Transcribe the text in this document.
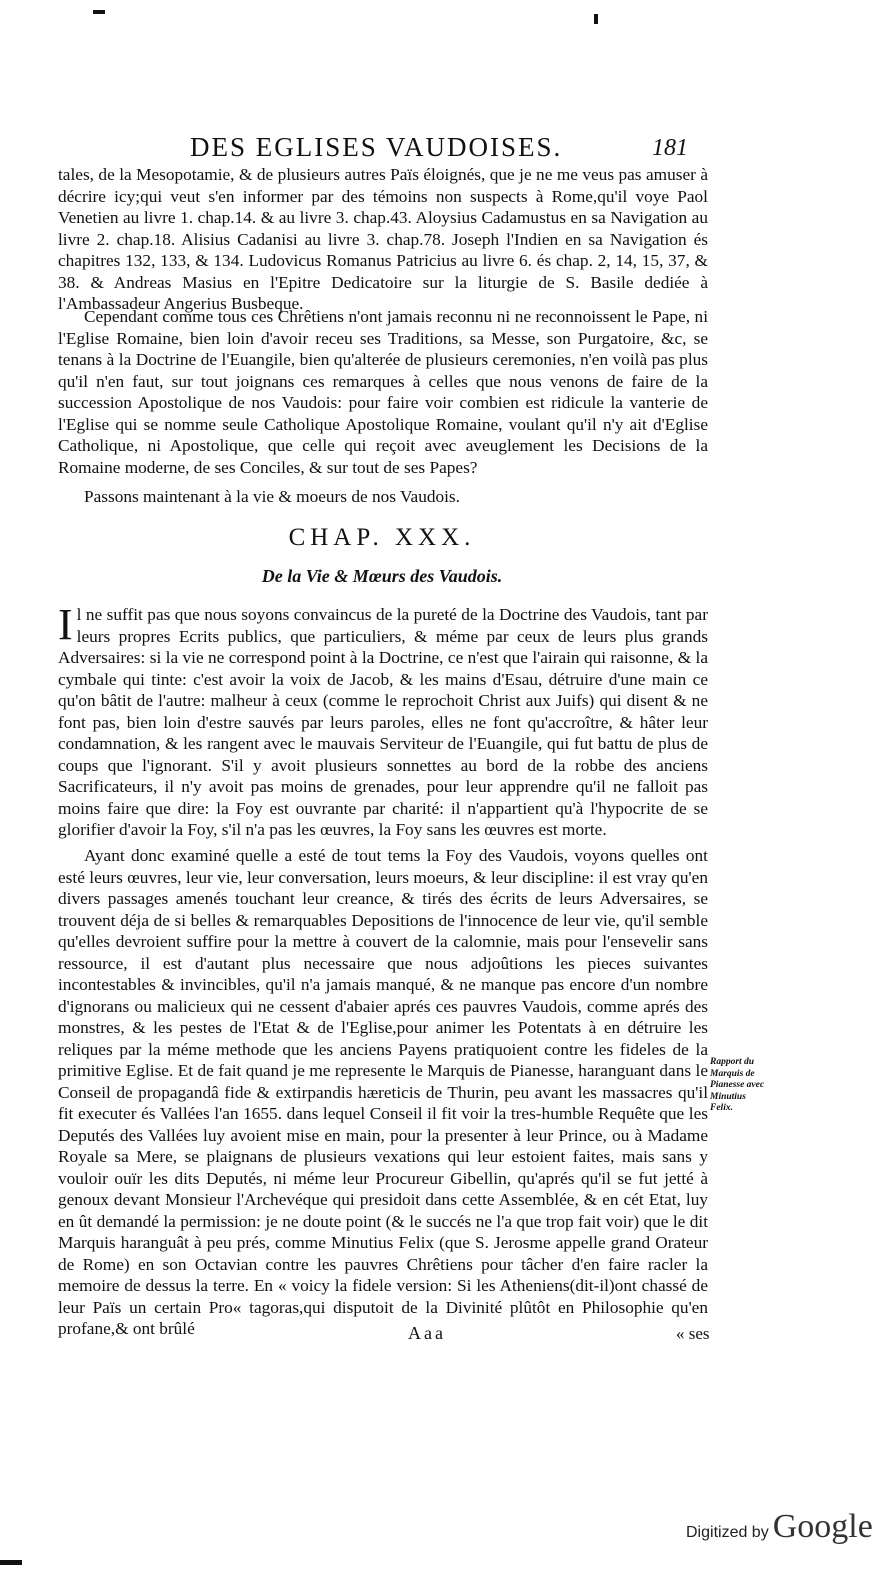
DES EGLISES VAUDOISES.	181

tales, de la Mesopotamie, & de plusieurs autres Païs éloignés, que je ne me veus pas amuser à décrire icy;qui veut s'en informer par des témoins non suspects à Rome,qu'il voye Paol Venetien au livre 1. chap.14. & au livre 3. chap.43. Aloysius Cadamustus en sa Navigation au livre 2. chap.18. Alisius Cadanisi au livre 3. chap.78. Joseph l'Indien en sa Navigation és chapitres 132, 133, & 134. Ludovicus Romanus Patricius au livre 6. és chap. 2, 14, 15, 37, & 38. & Andreas Masius en l'Epitre Dedicatoire sur la liturgie de S. Basile dediée à l'Ambassadeur Angerius Busbeque.

Cependant comme tous ces Chrêtiens n'ont jamais reconnu ni ne reconnoissent le Pape, ni l'Eglise Romaine, bien loin d'avoir receu ses Traditions, sa Messe, son Purgatoire, &c, se tenans à la Doctrine de l'Euangile, bien qu'alterée de plusieurs ceremonies, n'en voilà pas plus qu'il n'en faut, sur tout joignans ces remarques à celles que nous venons de faire de la succession Apostolique de nos Vaudois: pour faire voir combien est ridicule la vanterie de l'Eglise qui se nomme seule Catholique Apostolique Romaine, voulant qu'il n'y ait d'Eglise Catholique, ni Apostolique, que celle qui reçoit avec aveuglement les Decisions de la Romaine moderne, de ses Conciles, & sur tout de ses Papes?

Passons maintenant à la vie & moeurs de nos Vaudois.

CHAP. XXX.
De la Vie & Mœurs des Vaudois.

Il ne suffit pas que nous soyons convaincus de la pureté de la Doctrine des Vaudois, tant par leurs propres Ecrits publics, que particuliers, & méme par ceux de leurs plus grands Adversaires: si la vie ne correspond point à la Doctrine, ce n'est que l'airain qui raisonne, & la cymbale qui tinte: c'est avoir la voix de Jacob, & les mains d'Esau, détruire d'une main ce qu'on bâtit de l'autre: malheur à ceux (comme le reprochoit Christ aux Juifs) qui disent & ne font pas, bien loin d'estre sauvés par leurs paroles, elles ne font qu'accroître, & hâter leur condamnation, & les rangent avec le mauvais Serviteur de l'Euangile, qui fut battu de plus de coups que l'ignorant. S'il y avoit plusieurs sonnettes au bord de la robbe des anciens Sacrificateurs, il n'y avoit pas moins de grenades, pour leur apprendre qu'il ne falloit pas moins faire que dire: la Foy est ouvrante par charité: il n'appartient qu'à l'hypocrite de se glorifier d'avoir la Foy, s'il n'a pas les œuvres, la Foy sans les œuvres est morte.

Ayant donc examiné quelle a esté de tout tems la Foy des Vaudois, voyons quelles ont esté leurs œuvres, leur vie, leur conversation, leurs moeurs, & leur discipline: il est vray qu'en divers passages amenés touchant leur creance, & tirés des écrits de leurs Adversaires, se trouvent déja de si belles & remarquables Depositions de l'innocence de leur vie, qu'il semble qu'elles devroient suffire pour la mettre à couvert de la calomnie, mais pour l'ensevelir sans ressource, il est d'autant plus necessaire que nous adjoûtions les pieces suivantes incontestables & invincibles, qu'il n'a jamais manqué, & ne manque pas encore d'un nombre d'ignorans ou malicieux qui ne cessent d'abaier aprés ces pauvres Vaudois, comme aprés des monstres, & les pestes de l'Etat & de l'Eglise,pour animer les Potentats à en détruire les reliques par la méme methode que les anciens Payens pratiquoient contre les fideles de la primitive Eglise. Et de fait quand je me represente le Marquis de Pianesse, haranguant dans le Conseil de propagandâ fide & extirpandis hæreticis de Thurin, peu avant les massacres qu'il fit executer és Vallées l'an 1655. dans lequel Conseil il fit voir la tres-humble Requête que les Deputés des Vallées luy avoient mise en main, pour la presenter à leur Prince, ou à Madame Royale sa Mere, se plaignans de plusieurs vexations qui leur estoient faites, mais sans y vouloir ouïr les dits Deputés, ni méme leur Procureur Gibellin, qu'aprés qu'il se fut jetté à genoux devant Monsieur l'Archevéque qui presidoit dans cette Assemblée, & en cét Etat, luy en ût demandé la permission: je ne doute point (& le succés ne l'a que trop fait voir) que le dit Marquis haranguât à peu prés, comme Minutius Felix (que S. Jerosme appelle grand Orateur de Rome) en son Octavian contre les pauvres Chrêtiens pour tâcher d'en faire racler la memoire de dessus la terre. En « voicy la fidele version: Si les Atheniens(dit-il)ont chassé de leur Païs un certain Pro« tagoras,qui disputoit de la Divinité plûtôt en Philosophie qu'en profane,& ont brûlé

Rapport du Marquis de Pianesse avec Minutius Felix.
Aaa	« ses
Digitized by Google
